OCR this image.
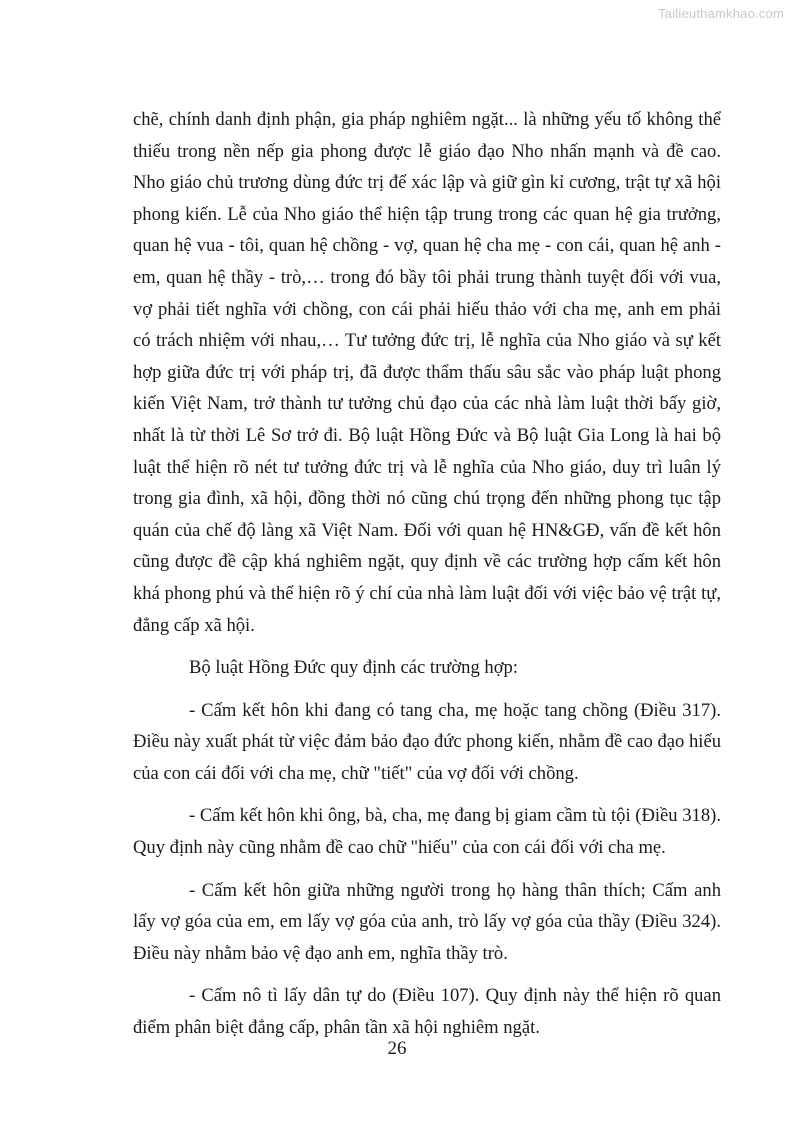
Tailieuthamkhao.com

chẽ, chính danh định phận, gia pháp nghiêm ngặt... là những yếu tố không thể thiếu trong nền nếp gia phong được lễ giáo đạo Nho nhấn mạnh và đề cao. Nho giáo chủ trương dùng đức trị để xác lập và giữ gìn kỉ cương, trật tự xã hội phong kiến. Lễ của Nho giáo thể hiện tập trung trong các quan hệ gia trưởng, quan hệ vua - tôi, quan hệ chồng - vợ, quan hệ cha mẹ - con cái, quan hệ anh - em, quan hệ thầy - trò,… trong đó bầy tôi phải trung thành tuyệt đối với vua, vợ phải tiết nghĩa với chồng, con cái phải hiếu thảo với cha mẹ, anh em phải có trách nhiệm với nhau,… Tư tưởng đức trị, lễ nghĩa của Nho giáo và sự kết hợp giữa đức trị với pháp trị, đã được thẩm thấu sâu sắc vào pháp luật phong kiến Việt Nam, trở thành tư tưởng chủ đạo của các nhà làm luật thời bấy giờ, nhất là từ thời Lê Sơ trở đi. Bộ luật Hồng Đức và Bộ luật Gia Long là hai bộ luật thể hiện rõ nét tư tưởng đức trị và lễ nghĩa của Nho giáo, duy trì luân lý trong gia đình, xã hội, đồng thời nó cũng chú trọng đến những phong tục tập quán của chế độ làng xã Việt Nam. Đối với quan hệ HN&GĐ, vấn đề kết hôn cũng được đề cập khá nghiêm ngặt, quy định về các trường hợp cấm kết hôn khá phong phú và thể hiện rõ ý chí của nhà làm luật đối với việc bảo vệ trật tự, đẳng cấp xã hội.

Bộ luật Hồng Đức quy định các trường hợp:

- Cấm kết hôn khi đang có tang cha, mẹ hoặc tang chồng (Điều 317). Điều này xuất phát từ việc đảm bảo đạo đức phong kiến, nhằm đề cao đạo hiếu của con cái đối với cha mẹ, chữ "tiết" của vợ đối với chồng.

- Cấm kết hôn khi ông, bà, cha, mẹ đang bị giam cầm tù tội (Điều 318). Quy định này cũng nhằm đề cao chữ "hiếu" của con cái đối với cha mẹ.

- Cấm kết hôn giữa những người trong họ hàng thân thích; Cấm anh lấy vợ góa của em, em lấy vợ góa của anh, trò lấy vợ góa của thầy (Điều 324). Điều này nhằm bảo vệ đạo anh em, nghĩa thầy trò.

- Cấm nô tì lấy dân tự do (Điều 107). Quy định này thể hiện rõ quan điểm phân biệt đẳng cấp, phân tần xã hội nghiêm ngặt.

26
